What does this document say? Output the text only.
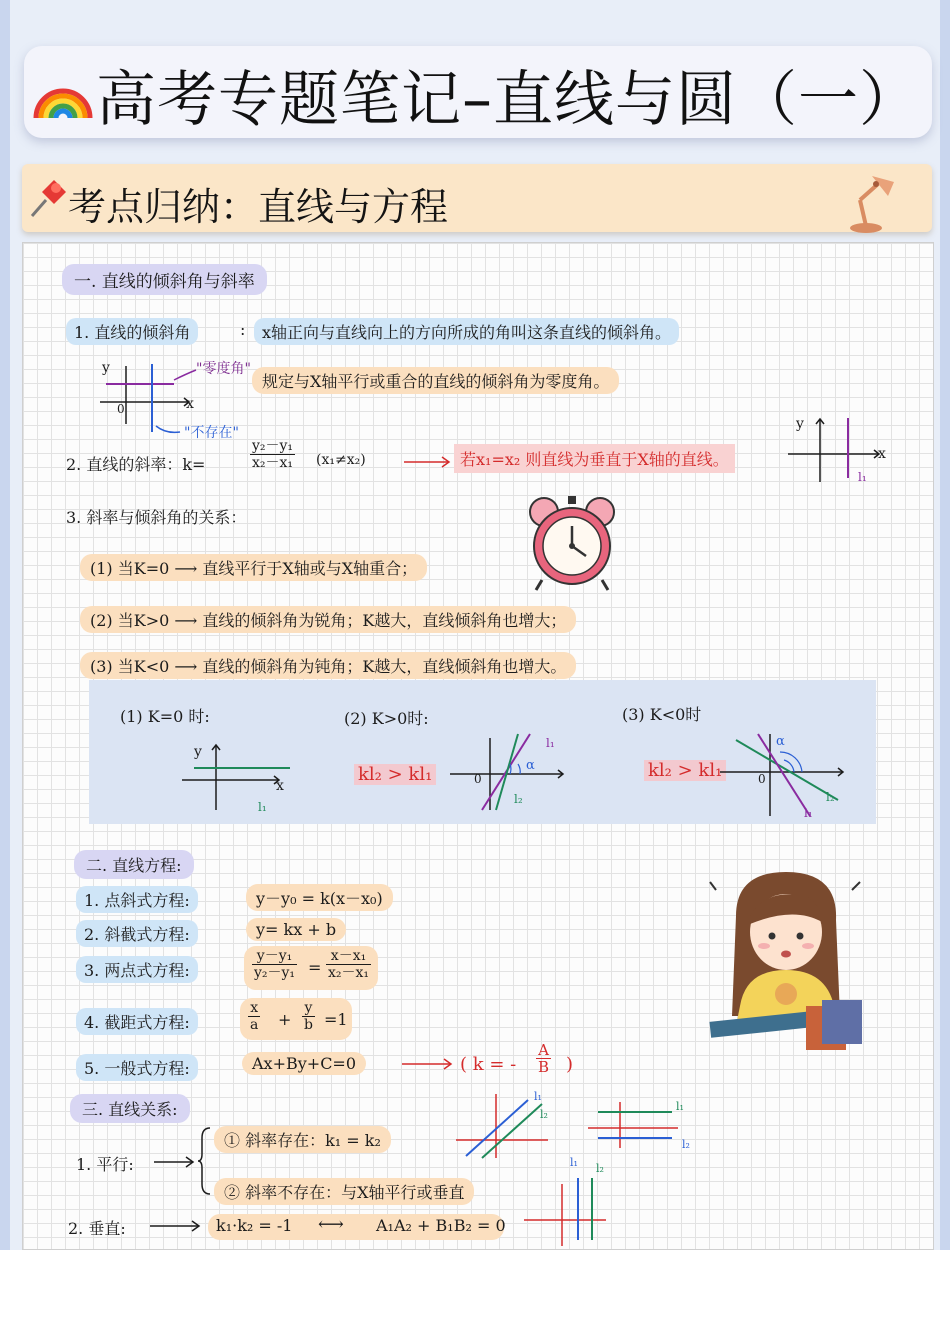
高考专题笔记–直线与圆（一）
考点归纳：直线与方程
一. 直线的倾斜角与斜率
1. 直线的倾斜角	:	x轴正向与直线向上的方向所成的角叫这条直线的倾斜角。
规定与X轴平行或重合的直线的倾斜角为零度角。
y
x
0
"零度角"
"不存在"
2. 直线的斜率：k=	$\frac{\text{y₂－y₁}}{\text{x₂－x₁}} (x_1\ne x_2)$	若x₁=x₂ 则直线为垂直于X轴的直线。
y
x
l₁
3. 斜率与倾斜角的关系：
(1) 当K=0 ⟶ 直线平行于X轴或与X轴重合；
(2) 当K>0 ⟶ 直线的倾斜角为锐角；K越大，直线倾斜角也增大；
(3) 当K<0 ⟶ 直线的倾斜角为钝角；K越大，直线倾斜角也增大。
(1) K=0 时:	(2) K>0时:	(3) K<0时
y
x
l₁
kl₂ > kl₁	0
l₁
l₂
α	kl₂ > kl₁	0
l₂
l₁
α
二. 直线方程:
1. 点斜式方程:	y－y₀ = k(x－x₀)
2. 斜截式方程:	y= kx + b
3. 两点式方程:	$\frac{\text{y－y₁}}{\text{y₂－y₁}} = \frac{\text{x－x₁}}{\text{x₂－x₁}}$
4. 截距式方程:	$\frac{x}{a} + \frac{y}{b} =1$
5. 一般式方程:	Ax+By+C=0	( k = - $\frac{A}{B}$ )
三. 直线关系:
1. 平行:
① 斜率存在：k₁ = k₂
② 斜率不存在：与X轴平行或垂直
2. 垂直:	k₁·k₂ = -1 ⟷ A₁A₂ + B₁B₂ = 0
l₁
l₂
l₁
l₂
l₁ l₂
